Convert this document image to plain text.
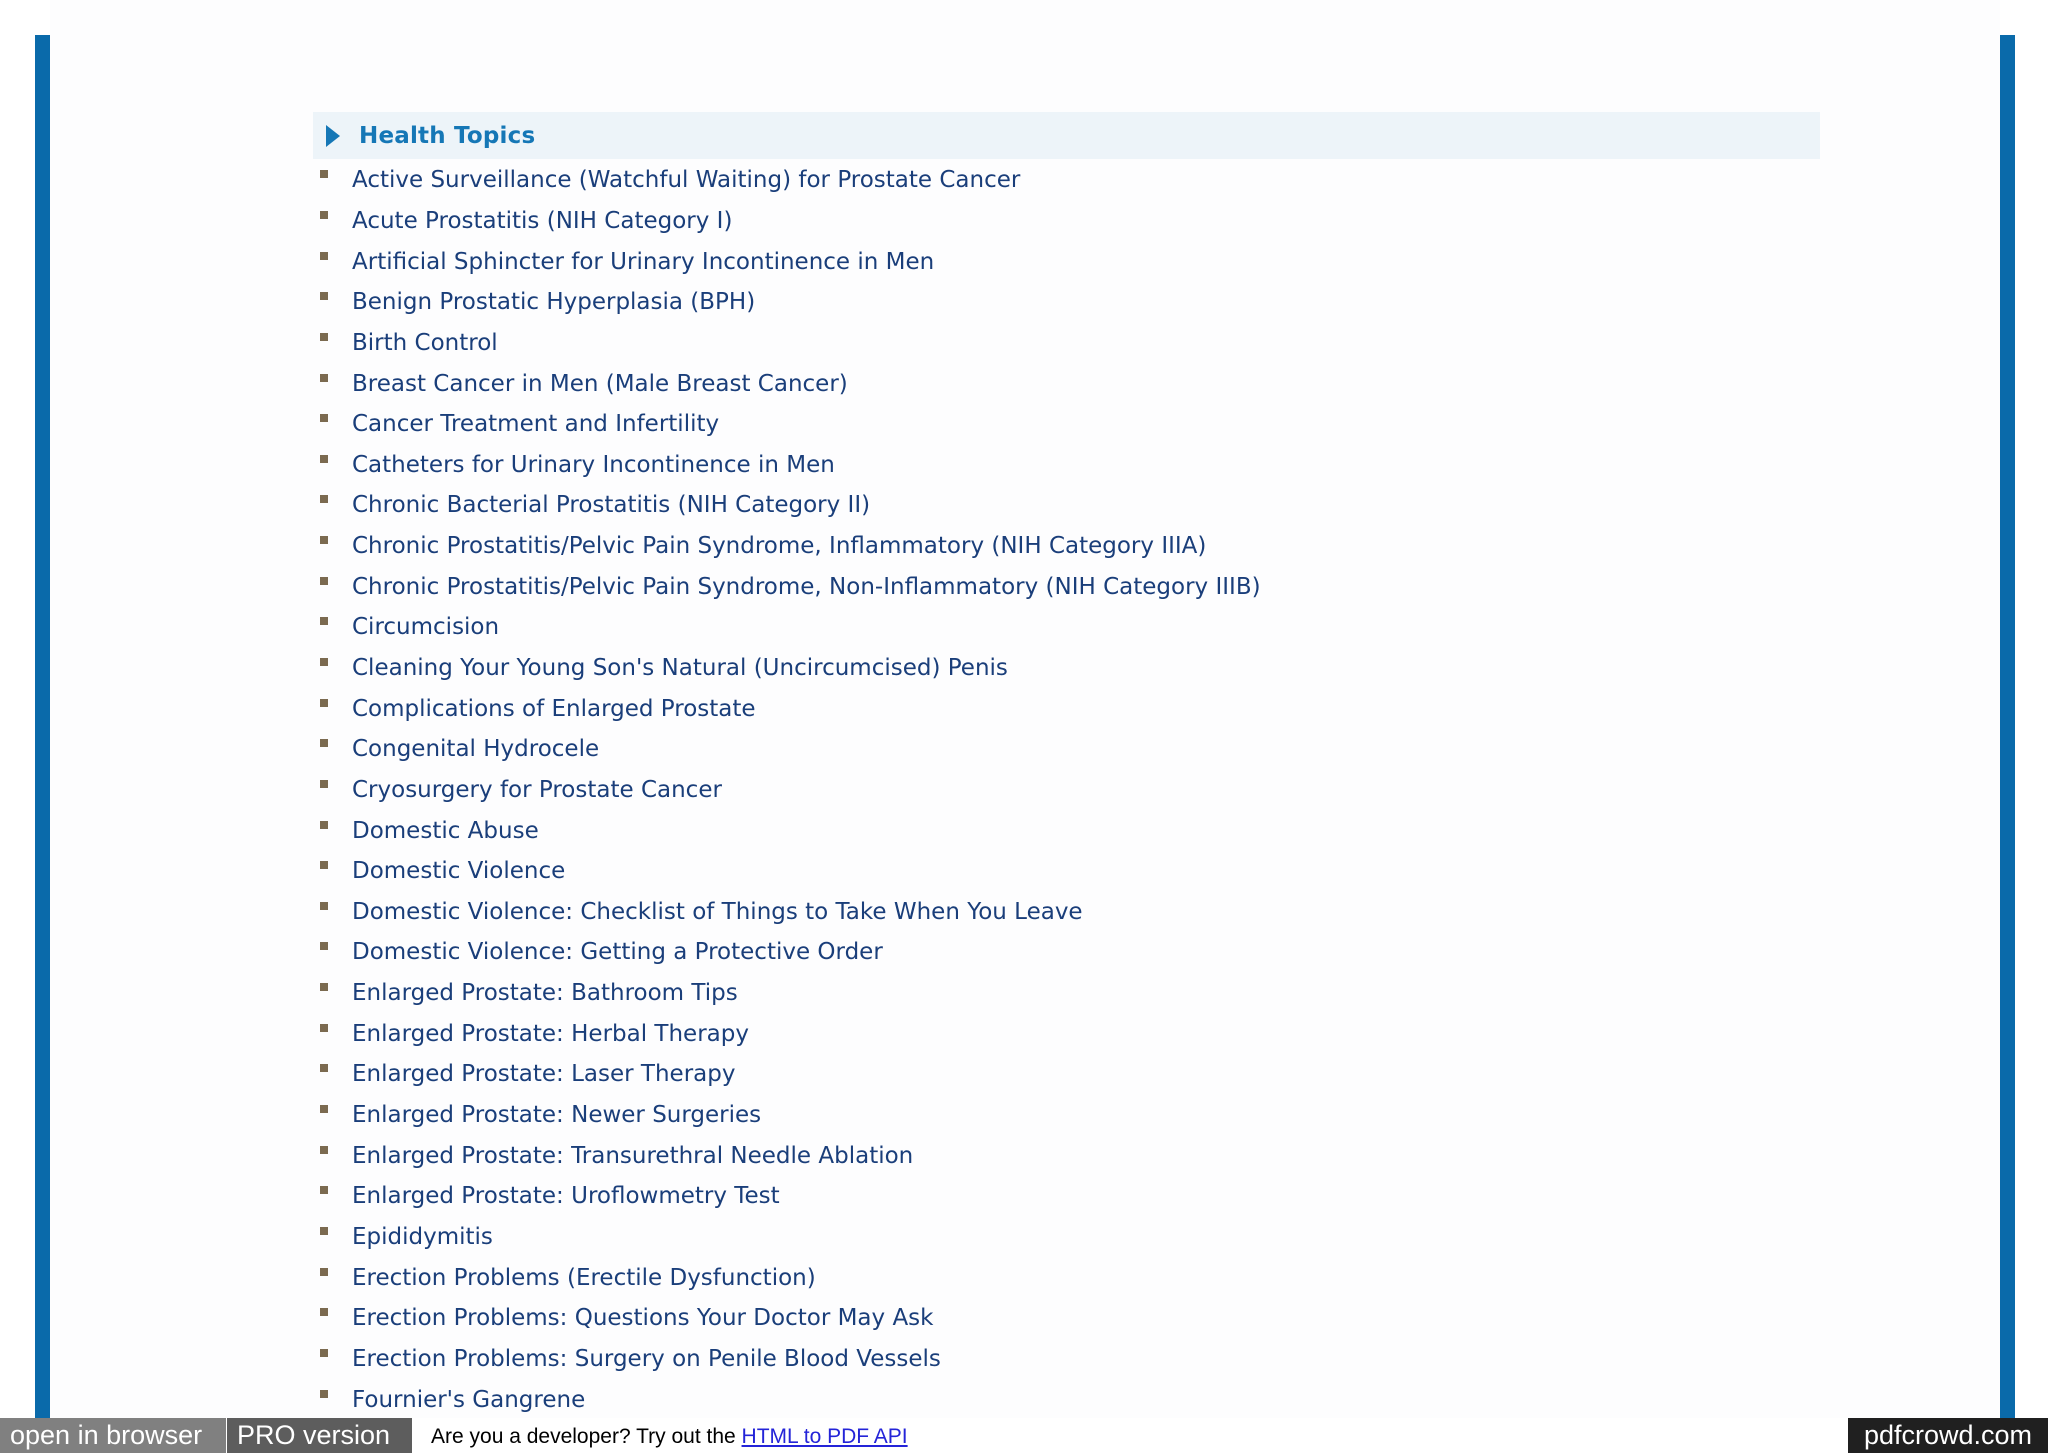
Health Topics
Active Surveillance (Watchful Waiting) for Prostate Cancer
Acute Prostatitis (NIH Category I)
Artificial Sphincter for Urinary Incontinence in Men
Benign Prostatic Hyperplasia (BPH)
Birth Control
Breast Cancer in Men (Male Breast Cancer)
Cancer Treatment and Infertility
Catheters for Urinary Incontinence in Men
Chronic Bacterial Prostatitis (NIH Category II)
Chronic Prostatitis/Pelvic Pain Syndrome, Inflammatory (NIH Category IIIA)
Chronic Prostatitis/Pelvic Pain Syndrome, Non-Inflammatory (NIH Category IIIB)
Circumcision
Cleaning Your Young Son's Natural (Uncircumcised) Penis
Complications of Enlarged Prostate
Congenital Hydrocele
Cryosurgery for Prostate Cancer
Domestic Abuse
Domestic Violence
Domestic Violence: Checklist of Things to Take When You Leave
Domestic Violence: Getting a Protective Order
Enlarged Prostate: Bathroom Tips
Enlarged Prostate: Herbal Therapy
Enlarged Prostate: Laser Therapy
Enlarged Prostate: Newer Surgeries
Enlarged Prostate: Transurethral Needle Ablation
Enlarged Prostate: Uroflowmetry Test
Epididymitis
Erection Problems (Erectile Dysfunction)
Erection Problems: Questions Your Doctor May Ask
Erection Problems: Surgery on Penile Blood Vessels
Fournier's Gangrene
open in browser	PRO version	Are you a developer? Try out the HTML to PDF API	pdfcrowd.com
